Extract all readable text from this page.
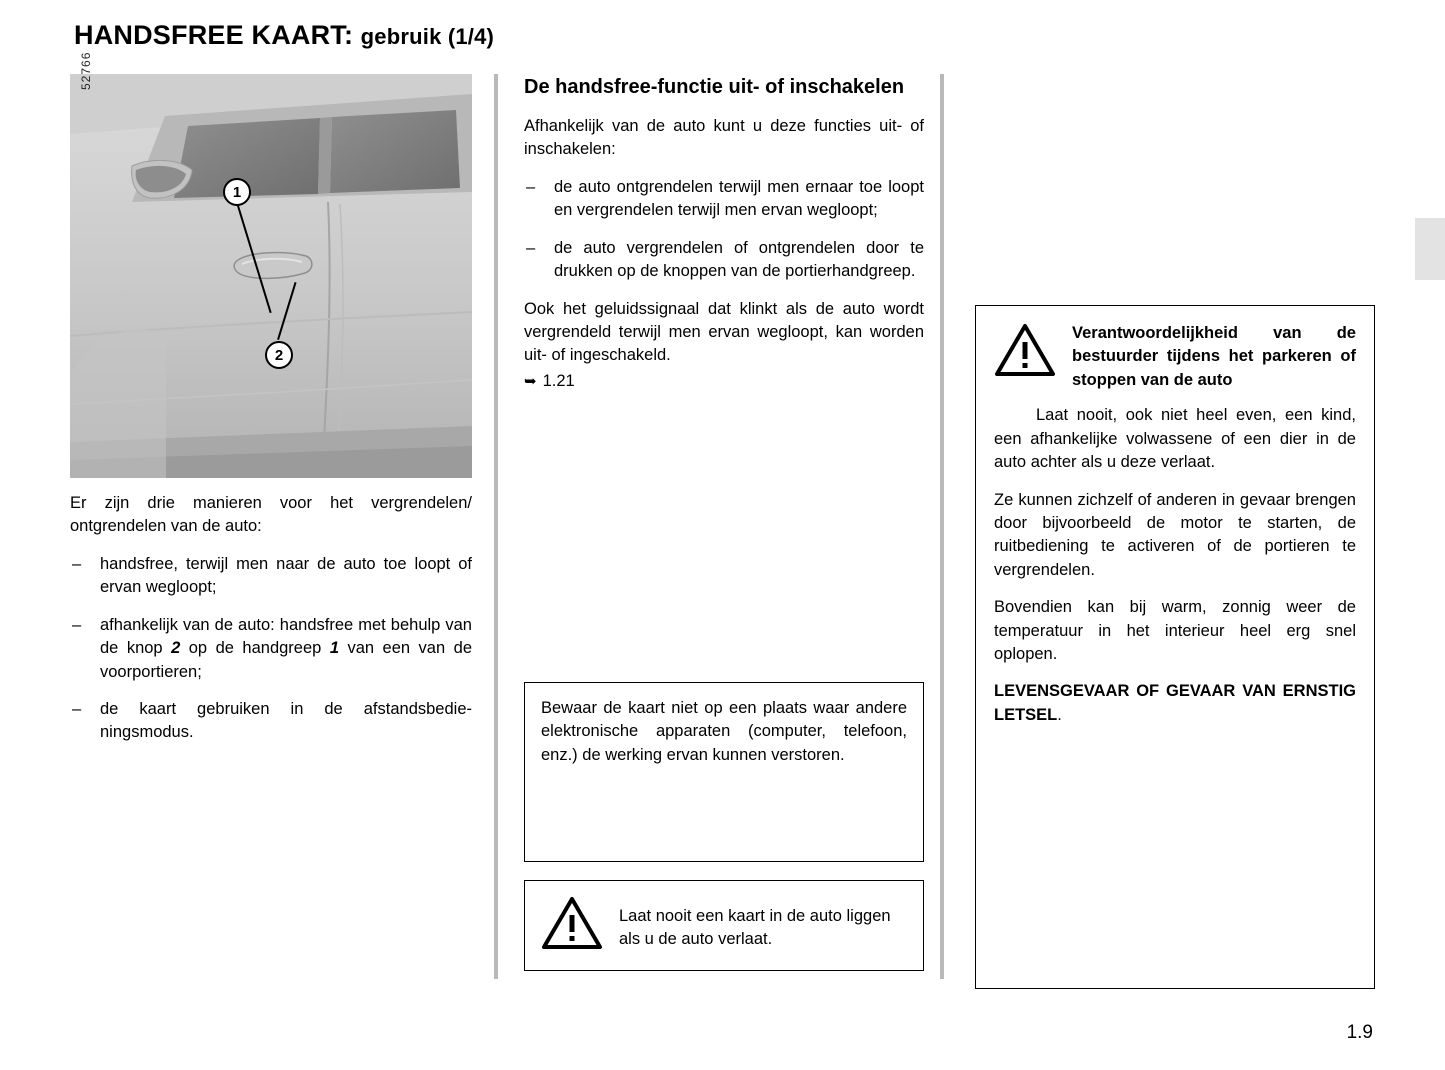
HANDSFREE KAART: gebruik (1/4)
52766
1
2
Er zijn drie manieren voor het vergrendelen/ ontgrendelen van de auto:
– handsfree, terwijl men naar de auto toe loopt of ervan wegloopt;
– afhankelijk van de auto: handsfree met behulp van de knop 2 op de handgreep 1 van een van de voorportieren;
– de kaart gebruiken in de afstandsbedie-ningsmodus.
De handsfree-functie uit- of inschakelen
Afhankelijk van de auto kunt u deze functies uit- of inschakelen:
– de auto ontgrendelen terwijl men ernaar toe loopt en vergrendelen terwijl men ervan wegloopt;
– de auto vergrendelen of ontgrendelen door te drukken op de knoppen van de portierhandgreep.
Ook het geluidssignaal dat klinkt als de auto wordt vergrendeld terwijl men ervan wegloopt, kan worden uit- of ingeschakeld.
➥ 1.21
Bewaar de kaart niet op een plaats waar andere elektronische apparaten (computer, telefoon, enz.) de werking ervan kunnen verstoren.
Laat nooit een kaart in de auto liggen als u de auto verlaat.
Verantwoordelijkheid van de bestuurder tijdens het parkeren of stoppen van de auto
Laat nooit, ook niet heel even, een kind, een afhankelijke volwassene of een dier in de auto achter als u deze verlaat.
Ze kunnen zichzelf of anderen in gevaar brengen door bijvoorbeeld de motor te starten, de ruitbediening te activeren of de portieren te vergrendelen.
Bovendien kan bij warm, zonnig weer de temperatuur in het interieur heel erg snel oplopen.
LEVENSGEVAAR OF GEVAAR VAN ERNSTIG LETSEL.
1.9
